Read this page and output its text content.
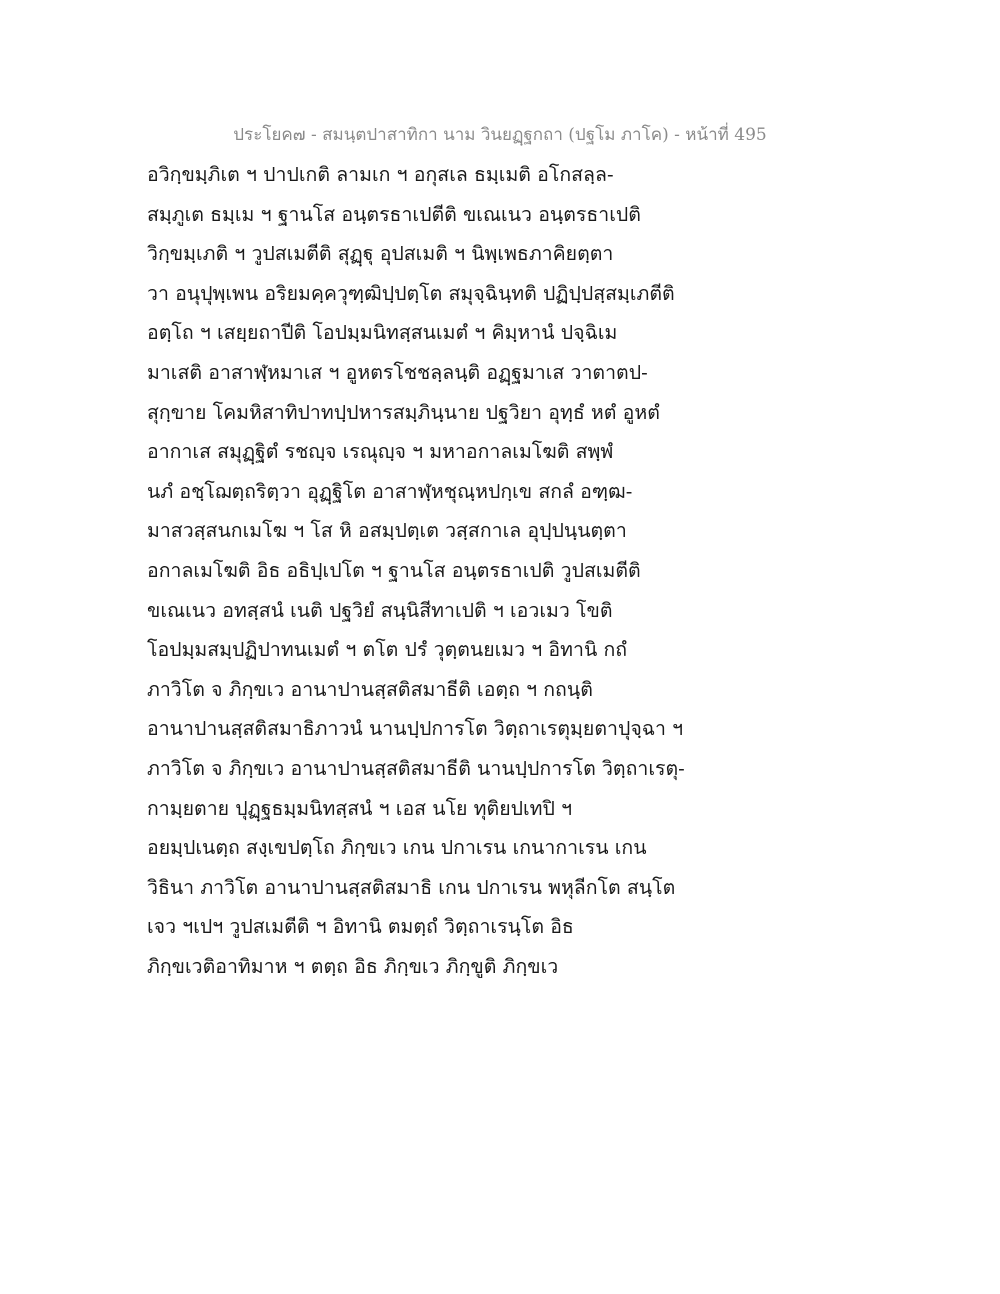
ประโยค๗ - สมนฺตปาสาทิกา นาม วินยฏฺฐกถา (ปฐโม ภาโค) - หน้าที่ 495
อวิกฺขมฺภิเต ฯ ปาปเกติ ลามเก ฯ อกุสเล ธมฺเมติ อโกสลฺล-
สมฺภูเต ธมฺเม ฯ ฐานโส อนฺตรธาเปตีติ ขเณเนว อนฺตรธาเปติ
วิกฺขมฺเภติ ฯ วูปสเมตีติ สุฏฺฐุ อุปสเมติ ฯ นิพฺเพธภาคิยตฺตา
วา อนุปุพฺเพน อริยมคฺควุฑฺฒิปฺปตฺโต สมุจฺฉินฺทติ ปฏิปฺปสฺสมฺเภตีติ
อตฺโถ ฯ เสยฺยถาปีติ โอปมฺมนิทสฺสนเมตํ ฯ คิมฺหานํ ปจฺฉิเม
มาเสติ อาสาฬฺหมาเส ฯ อูหตรโชชลฺลนฺติ อฏฺฐมาเส วาตาตป-
สุกฺขาย โคมหิสาทิปาทปฺปหารสมฺภินฺนาย ปฐวิยา อุทฺธํ หตํ อูหตํ
อากาเส สมุฏฺฐิตํ รชญฺจ เรณุญฺจ ฯ มหาอกาลเมโฆติ สพฺพํ
นภํ อชฺโฌตฺถริตฺวา อุฏฺฐิโต อาสาฬฺหชุณฺหปกฺเข สกลํ อฑฺฒ-
มาสวสฺสนกเมโฆ ฯ โส หิ อสมฺปตฺเต วสฺสกาเล อุปฺปนฺนตฺตา
อกาลเมโฆติ อิธ อธิปฺเปโต ฯ ฐานโส อนฺตรธาเปติ วูปสเมตีติ
ขเณเนว อทสฺสนํ เนติ ปฐวิยํ สนฺนิสีทาเปติ ฯ เอวเมว โขติ
โอปมฺมสมฺปฏิปาทนเมตํ ฯ ตโต ปรํ วุตฺตนยเมว ฯ อิทานิ กถํ
ภาวิโต จ ภิกฺขเว อานาปานสฺสติสมาธีติ เอตฺถ ฯ กถนฺติ
อานาปานสฺสติสมาธิภาวนํ นานปฺปการโต วิตฺถาเรตุมฺยตาปุจฺฉา ฯ
ภาวิโต จ ภิกฺขเว อานาปานสฺสติสมาธีติ นานปฺปการโต วิตฺถาเรตุ-
กามฺยตาย ปุฏฺฐธมฺมนิทสฺสนํ ฯ เอส นโย ทุติยปเทปิ ฯ
อยมฺปเนตฺถ สงฺเขปตฺโถ ภิกฺขเว เกน ปกาเรน เกนากาเรน เกน
วิธินา ภาวิโต อานาปานสฺสติสมาธิ เกน ปกาเรน พหุลีกโต สนฺโต
เจว ฯเปฯ วูปสเมตีติ ฯ อิทานิ ตมตฺถํ วิตฺถาเรนฺโต อิธ
ภิกฺขเวติอาทิมาห ฯ ตตฺถ อิธ ภิกฺขเว ภิกฺขูติ ภิกฺขเว
